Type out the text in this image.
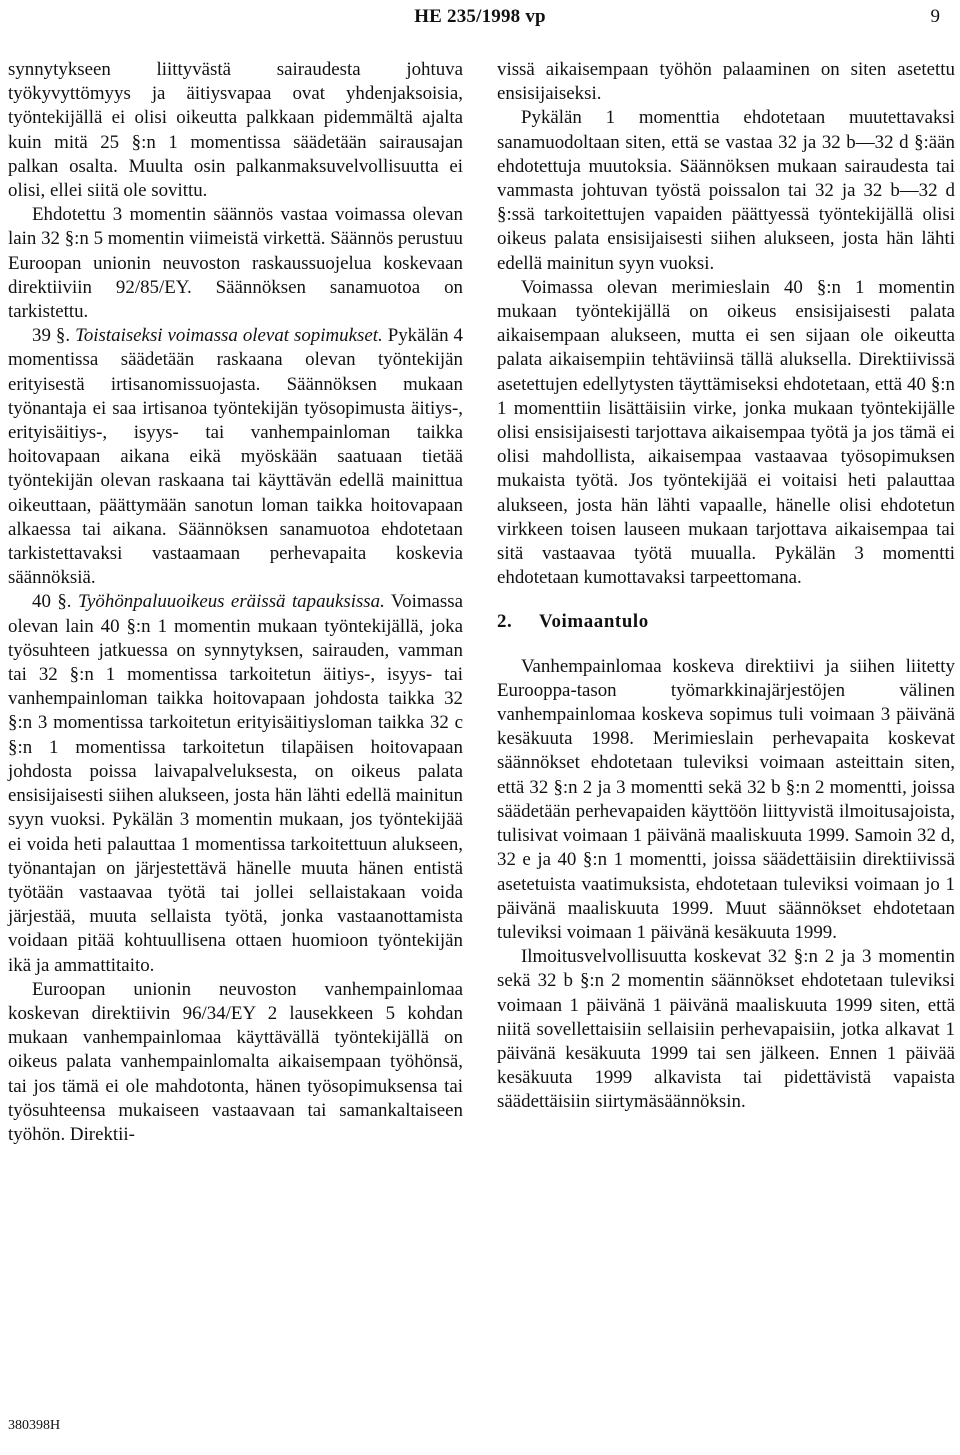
HE 235/1998 vp	9

synnytykseen liittyvästä sairaudesta johtuva työkyvyttömyys ja äitiysvapaa ovat yhdenjaksoisia, työntekijällä ei olisi oikeutta palkkaan pidemmältä ajalta kuin mitä 25 §:n 1 momentissa säädetään sairausajan palkan osalta. Muulta osin palkanmaksuvelvollisuutta ei olisi, ellei siitä ole sovittu.

Ehdotettu 3 momentin säännös vastaa voimassa olevan lain 32 §:n 5 momentin viimeistä virkettä. Säännös perustuu Euroopan unionin neuvoston raskaussuojelua koskevaan direktiiviin 92/85/EY. Säännöksen sanamuotoa on tarkistettu.

39 §. Toistaiseksi voimassa olevat sopimukset. Pykälän 4 momentissa säädetään raskaana olevan työntekijän erityisestä irtisanomissuojasta. Säännöksen mukaan työnantaja ei saa irtisanoa työntekijän työsopimusta äitiys-, erityisäitiys-, isyys- tai vanhempainloman taikka hoitovapaan aikana eikä myöskään saatuaan tietää työntekijän olevan raskaana tai käyttävän edellä mainittua oikeuttaan, päättymään sanotun loman taikka hoitovapaan alkaessa tai aikana. Säännöksen sanamuotoa ehdotetaan tarkistettavaksi vastaamaan perhevapaita koskevia säännöksiä.

40 §. Työhönpaluuoikeus eräissä tapauksissa. Voimassa olevan lain 40 §:n 1 momentin mukaan työntekijällä, joka työsuhteen jatkuessa on synnytyksen, sairauden, vamman tai 32 §:n 1 momentissa tarkoitetun äitiys-, isyys- tai vanhempainloman taikka hoitovapaan johdosta taikka 32 §:n 3 momentissa tarkoitetun erityisäitiysloman taikka 32 c §:n 1 momentissa tarkoitetun tilapäisen hoitovapaan johdosta poissa laivapalveluksesta, on oikeus palata ensisijaisesti siihen alukseen, josta hän lähti edellä mainitun syyn vuoksi. Pykälän 3 momentin mukaan, jos työntekijää ei voida heti palauttaa 1 momentissa tarkoitettuun alukseen, työnantajan on järjestettävä hänelle muuta hänen entistä työtään vastaavaa työtä tai jollei sellaistakaan voida järjestää, muuta sellaista työtä, jonka vastaanottamista voidaan pitää kohtuullisena ottaen huomioon työntekijän ikä ja ammattitaito.

Euroopan unionin neuvoston vanhempainlomaa koskevan direktiivin 96/34/EY 2 lausekkeen 5 kohdan mukaan vanhempainlomaa käyttävällä työntekijällä on oikeus palata vanhempainlomalta aikaisempaan työhönsä, tai jos tämä ei ole mahdotonta, hänen työsopimuksensa tai työsuhteensa mukaiseen vastaavaan tai samankaltaiseen työhön. Direktii-

vissä aikaisempaan työhön palaaminen on siten asetettu ensisijaiseksi.

Pykälän 1 momenttia ehdotetaan muutettavaksi sanamuodoltaan siten, että se vastaa 32 ja 32 b—32 d §:ään ehdotettuja muutoksia. Säännöksen mukaan sairaudesta tai vammasta johtuvan työstä poissalon tai 32 ja 32 b—32 d §:ssä tarkoitettujen vapaiden päättyessä työntekijällä olisi oikeus palata ensisijaisesti siihen alukseen, josta hän lähti edellä mainitun syyn vuoksi.

Voimassa olevan merimieslain 40 §:n 1 momentin mukaan työntekijällä on oikeus ensisijaisesti palata aikaisempaan alukseen, mutta ei sen sijaan ole oikeutta palata aikaisempiin tehtäviinsä tällä aluksella. Direktiivissä asetettujen edellytysten täyttämiseksi ehdotetaan, että 40 §:n 1 momenttiin lisättäisiin virke, jonka mukaan työntekijälle olisi ensisijaisesti tarjottava aikaisempaa työtä ja jos tämä ei olisi mahdollista, aikaisempaa vastaavaa työsopimuksen mukaista työtä. Jos työntekijää ei voitaisi heti palauttaa alukseen, josta hän lähti vapaalle, hänelle olisi ehdotetun virkkeen toisen lauseen mukaan tarjottava aikaisempaa tai sitä vastaavaa työtä muualla. Pykälän 3 momentti ehdotetaan kumottavaksi tarpeettomana.

2. Voimaantulo

Vanhempainlomaa koskeva direktiivi ja siihen liitetty Eurooppa-tason työmarkkinajärjestöjen välinen vanhempainlomaa koskeva sopimus tuli voimaan 3 päivänä kesäkuuta 1998. Merimieslain perhevapaita koskevat säännökset ehdotetaan tuleviksi voimaan asteittain siten, että 32 §:n 2 ja 3 momentti sekä 32 b §:n 2 momentti, joissa säädetään perhevapaiden käyttöön liittyvistä ilmoitusajoista, tulisivat voimaan 1 päivänä maaliskuuta 1999. Samoin 32 d, 32 e ja 40 §:n 1 momentti, joissa säädettäisiin direktiivissä asetetuista vaatimuksista, ehdotetaan tuleviksi voimaan jo 1 päivänä maaliskuuta 1999. Muut säännökset ehdotetaan tuleviksi voimaan 1 päivänä kesäkuuta 1999.

Ilmoitusvelvollisuutta koskevat 32 §:n 2 ja 3 momentin sekä 32 b §:n 2 momentin säännökset ehdotetaan tuleviksi voimaan 1 päivänä 1 päivänä maaliskuuta 1999 siten, että niitä sovellettaisiin sellaisiin perhevapaisiin, jotka alkavat 1 päivänä kesäkuuta 1999 tai sen jälkeen. Ennen 1 päivää kesäkuuta 1999 alkavista tai pidettävistä vapaista säädettäisiin siirtymäsäännöksin.

380398H
